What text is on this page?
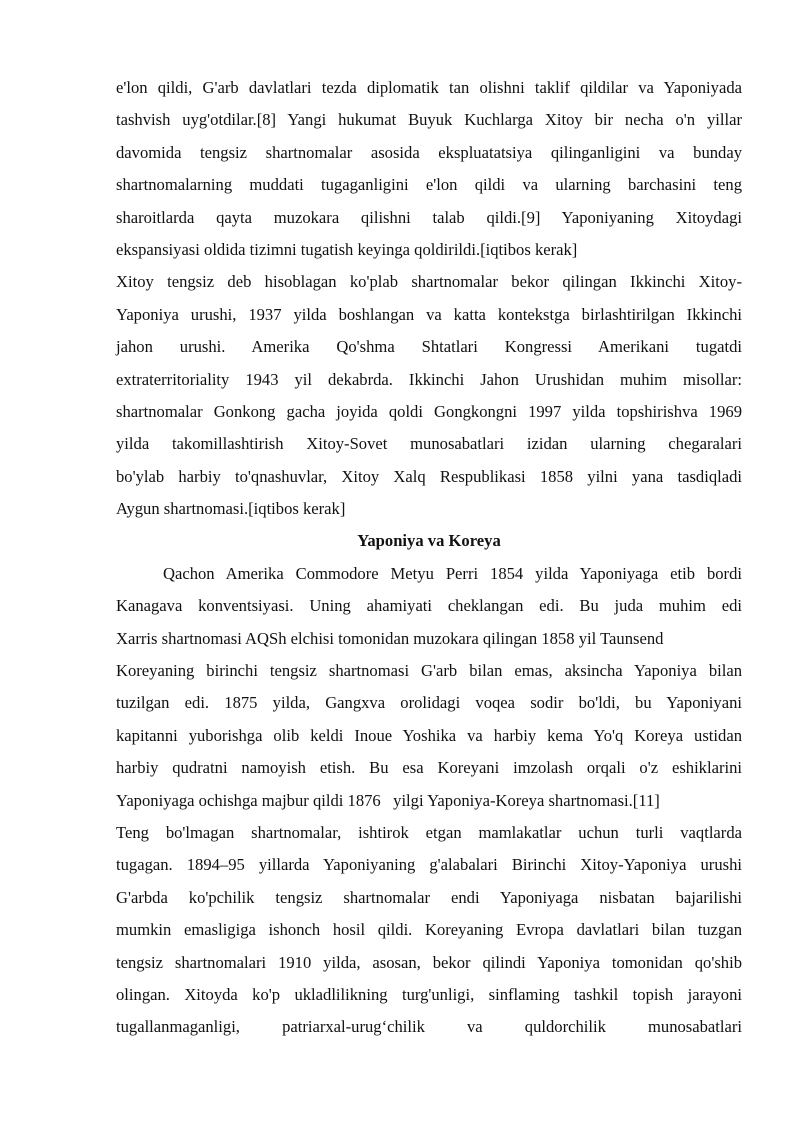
e'lon qildi, G'arb davlatlari tezda diplomatik tan olishni taklif qildilar va Yaponiyada
tashvish uyg'otdilar.[8] Yangi hukumat Buyuk Kuchlarga Xitoy bir necha o'n yillar
davomida tengsiz shartnomalar asosida ekspluatatsiya qilinganligini va bunday
shartnomalarning muddati tugaganligini e'lon qildi va ularning barchasini teng
sharoitlarda qayta muzokara qilishni talab qildi.[9] Yaponiyaning Xitoydagi
ekspansiyasi oldida tizimni tugatish keyinga qoldirildi.[iqtibos kerak]
Xitoy tengsiz deb hisoblagan ko'plab shartnomalar bekor qilingan Ikkinchi Xitoy-
Yaponiya urushi, 1937 yilda boshlangan va katta kontekstga birlashtirilgan Ikkinchi
jahon urushi. Amerika Qo'shma Shtatlari Kongressi Amerikani tugatdi
extraterritoriality 1943 yil dekabrda. Ikkinchi Jahon Urushidan muhim misollar:
shartnomalar Gonkong gacha joyida qoldi Gongkongni 1997 yilda topshirishva 1969
yilda takomillashtirish Xitoy-Sovet munosabatlari izidan ularning chegaralari
bo'ylab harbiy to'qnashuvlar, Xitoy Xalq Respublikasi 1858 yilni yana tasdiqladi
Aygun shartnomasi.[iqtibos kerak]
Yaponiya va Koreya
Qachon Amerika Commodore Metyu Perri 1854 yilda Yaponiyaga etib bordi
Kanagava konventsiyasi. Uning ahamiyati cheklangan edi. Bu juda muhim edi
Xarris shartnomasi AQSh elchisi tomonidan muzokara qilingan 1858 yil Taunsend
Koreyaning birinchi tengsiz shartnomasi G'arb bilan emas, aksincha Yaponiya bilan
tuzilgan edi. 1875 yilda, Gangxva orolidagi voqea sodir bo'ldi, bu Yaponiyani
kapitanni yuborishga olib keldi Inoue Yoshika va harbiy kema Yo'q Koreya ustidan
harbiy qudratni namoyish etish. Bu esa Koreyani imzolash orqali o'z eshiklarini
Yaponiyaga ochishga majbur qildi 1876   yilgi Yaponiya-Koreya shartnomasi.[11]
Teng bo'lmagan shartnomalar, ishtirok etgan mamlakatlar uchun turli vaqtlarda
tugagan. 1894–95 yillarda Yaponiyaning g'alabalari Birinchi Xitoy-Yaponiya urushi
G'arbda ko'pchilik tengsiz shartnomalar endi Yaponiyaga nisbatan bajarilishi
mumkin emasligiga ishonch hosil qildi. Koreyaning Evropa davlatlari bilan tuzgan
tengsiz shartnomalari 1910 yilda, asosan, bekor qilindi Yaponiya tomonidan qo'shib
olingan. Xitoyda ko'p ukladlilikning turg'unligi, sinflaming tashkil topish jarayoni
tugallanmaganligi, patriarxal-urug‘chilik va quldorchilik munosabatlari
